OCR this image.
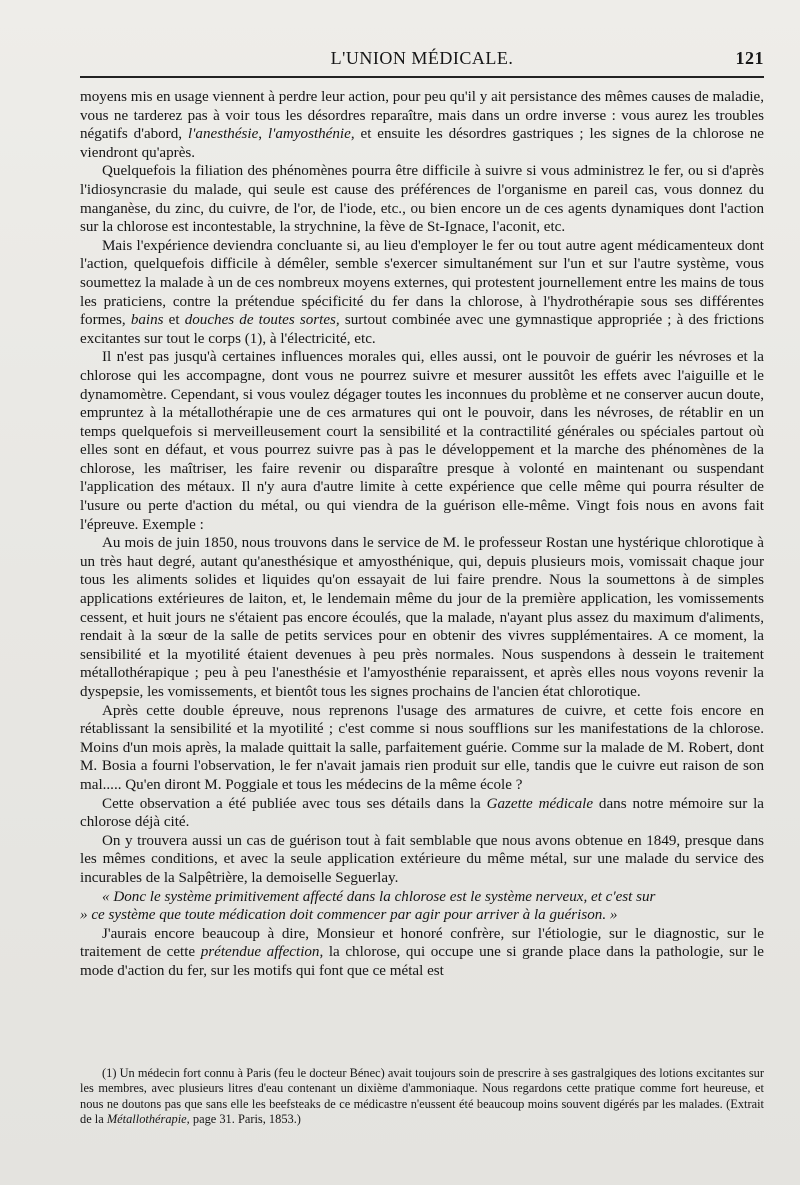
L'UNION MÉDICALE.	121

moyens mis en usage viennent à perdre leur action, pour peu qu'il y ait persistance des mêmes causes de maladie, vous ne tarderez pas à voir tous les désordres reparaître, mais dans un ordre inverse : vous aurez les troubles négatifs d'abord, l'anesthésie, l'amyosthénie, et ensuite les désordres gastriques ; les signes de la chlorose ne viendront qu'après.

Quelquefois la filiation des phénomènes pourra être difficile à suivre si vous administrez le fer, ou si d'après l'idiosyncrasie du malade, qui seule est cause des préférences de l'organisme en pareil cas, vous donnez du manganèse, du zinc, du cuivre, de l'or, de l'iode, etc., ou bien encore un de ces agents dynamiques dont l'action sur la chlorose est incontestable, la strychnine, la fève de St-Ignace, l'aconit, etc.

Mais l'expérience deviendra concluante si, au lieu d'employer le fer ou tout autre agent médicamenteux dont l'action, quelquefois difficile à démêler, semble s'exercer simultanément sur l'un et sur l'autre système, vous soumettez la malade à un de ces nombreux moyens externes, qui protestent journellement entre les mains de tous les praticiens, contre la prétendue spécificité du fer dans la chlorose, à l'hydrothérapie sous ses différentes formes, bains et douches de toutes sortes, surtout combinée avec une gymnastique appropriée ; à des frictions excitantes sur tout le corps (1), à l'électricité, etc.

Il n'est pas jusqu'à certaines influences morales qui, elles aussi, ont le pouvoir de guérir les névroses et la chlorose qui les accompagne, dont vous ne pourrez suivre et mesurer aussitôt les effets avec l'aiguille et le dynamomètre. Cependant, si vous voulez dégager toutes les inconnues du problème et ne conserver aucun doute, empruntez à la métallothérapie une de ces armatures qui ont le pouvoir, dans les névroses, de rétablir en un temps quelquefois si merveilleusement court la sensibilité et la contractilité générales ou spéciales partout où elles sont en défaut, et vous pourrez suivre pas à pas le développement et la marche des phénomènes de la chlorose, les maîtriser, les faire revenir ou disparaître presque à volonté en maintenant ou suspendant l'application des métaux. Il n'y aura d'autre limite à cette expérience que celle même qui pourra résulter de l'usure ou perte d'action du métal, ou qui viendra de la guérison elle-même. Vingt fois nous en avons fait l'épreuve. Exemple :

Au mois de juin 1850, nous trouvons dans le service de M. le professeur Rostan une hystérique chlorotique à un très haut degré, autant qu'anesthésique et amyosthénique, qui, depuis plusieurs mois, vomissait chaque jour tous les aliments solides et liquides qu'on essayait de lui faire prendre. Nous la soumettons à de simples applications extérieures de laiton, et, le lendemain même du jour de la première application, les vomissements cessent, et huit jours ne s'étaient pas encore écoulés, que la malade, n'ayant plus assez du maximum d'aliments, rendait à la sœur de la salle de petits services pour en obtenir des vivres supplémentaires. A ce moment, la sensibilité et la myotilité étaient devenues à peu près normales. Nous suspendons à dessein le traitement métallothérapique ; peu à peu l'anesthésie et l'amyosthénie reparaissent, et après elles nous voyons revenir la dyspepsie, les vomissements, et bientôt tous les signes prochains de l'ancien état chlorotique.

Après cette double épreuve, nous reprenons l'usage des armatures de cuivre, et cette fois encore en rétablissant la sensibilité et la myotilité ; c'est comme si nous soufflions sur les manifestations de la chlorose. Moins d'un mois après, la malade quittait la salle, parfaitement guérie. Comme sur la malade de M. Robert, dont M. Bosia a fourni l'observation, le fer n'avait jamais rien produit sur elle, tandis que le cuivre eut raison de son mal..... Qu'en diront M. Poggiale et tous les médecins de la même école ?

Cette observation a été publiée avec tous ses détails dans la Gazette médicale dans notre mémoire sur la chlorose déjà cité.

On y trouvera aussi un cas de guérison tout à fait semblable que nous avons obtenue en 1849, presque dans les mêmes conditions, et avec la seule application extérieure du même métal, sur une malade du service des incurables de la Salpêtrière, la demoiselle Seguerlay.

« Donc le système primitivement affecté dans la chlorose est le système nerveux, et c'est sur

» ce système que toute médication doit commencer par agir pour arriver à la guérison. »

J'aurais encore beaucoup à dire, Monsieur et honoré confrère, sur l'étiologie, sur le diagnostic, sur le traitement de cette prétendue affection, la chlorose, qui occupe une si grande place dans la pathologie, sur le mode d'action du fer, sur les motifs qui font que ce métal est

(1) Un médecin fort connu à Paris (feu le docteur Bénec) avait toujours soin de prescrire à ses gastralgiques des lotions excitantes sur les membres, avec plusieurs litres d'eau contenant un dixième d'ammoniaque. Nous regardons cette pratique comme fort heureuse, et nous ne doutons pas que sans elle les beefsteaks de ce médicastre n'eussent été beaucoup moins souvent digérés par les malades. (Extrait de la Métallothérapie, page 31. Paris, 1853.)
